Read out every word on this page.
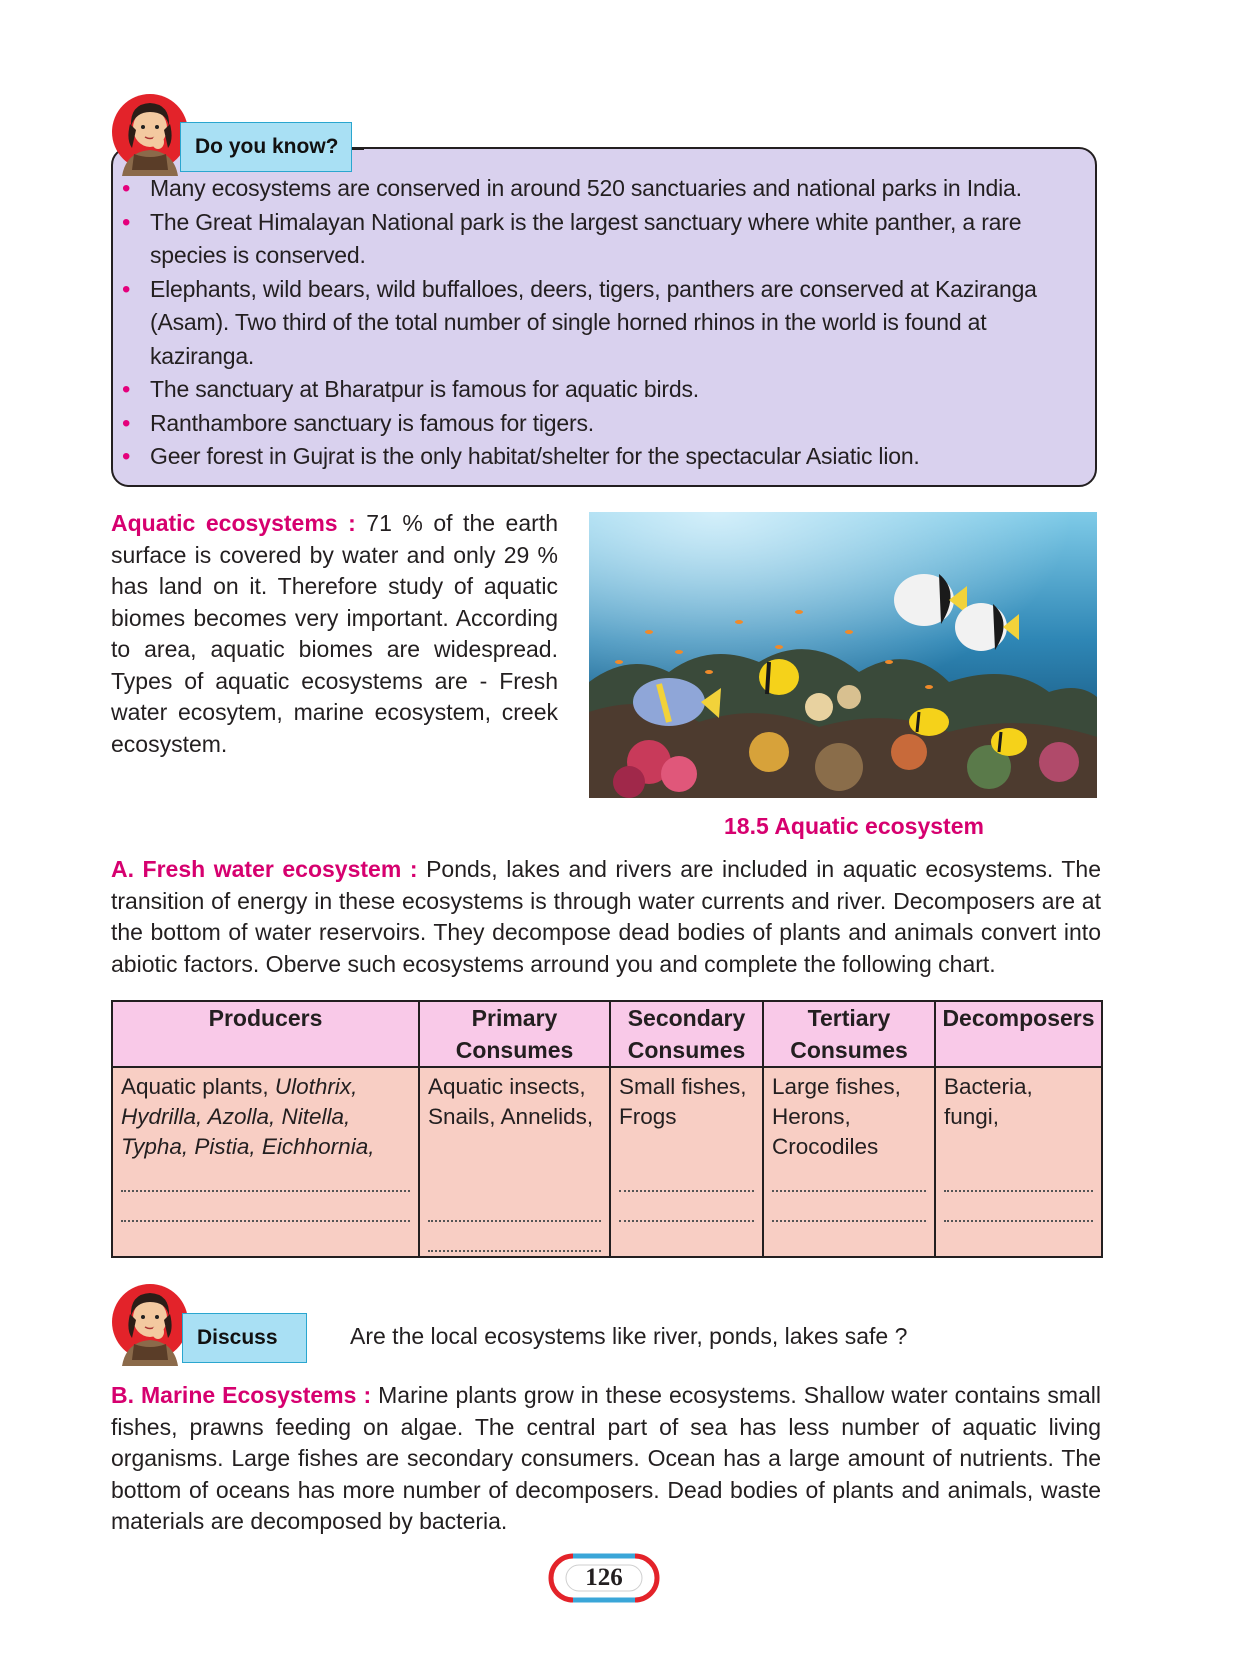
Do you know?
• Many ecosystems are conserved in around 520 sanctuaries and national parks in India.
• The Great Himalayan National park is the largest sanctuary where white panther, a rare species is conserved.
• Elephants, wild bears, wild buffalloes, deers, tigers, panthers are conserved at Kaziranga (Asam). Two third of the total number of single horned rhinos in the world is found at kaziranga.
• The sanctuary at Bharatpur is famous for aquatic birds.
• Ranthambore sanctuary is famous for tigers.
• Geer forest in Gujrat is the only habitat/shelter for the spectacular Asiatic lion.
Aquatic ecosystems : 71 % of the earth surface is covered by water and only 29 % has land on it. Therefore study of aquatic biomes becomes very important. According to area, aquatic biomes are widespread. Types of aquatic ecosystems are - Fresh water ecosytem, marine ecosystem, creek ecosystem.
18.5 Aquatic ecosystem
A. Fresh water ecosystem : Ponds, lakes and rivers are included in aquatic ecosystems. The transition of energy in these ecosystems is through water currents and river. Decomposers are at the bottom of water reservoirs. They decompose dead bodies of plants and animals convert into abiotic factors. Oberve such ecosystems arround you and complete the following chart.
Producers	Primary Consumes	Secondary Consumes	Tertiary Consumes	Decomposers
Aquatic plants, Ulothrix, Hydrilla, Azolla, Nitella, Typha, Pistia, Eichhornia,	Aquatic insects, Snails, Annelids,	Small fishes, Frogs	Large fishes, Herons, Crocodiles	Bacteria, fungi,
Discuss	Are the local ecosystems like river, ponds, lakes safe ?
B. Marine Ecosystems : Marine plants grow in these ecosystems. Shallow water contains small fishes, prawns feeding on algae. The central part of sea has less number of aquatic living organisms. Large fishes are secondary consumers. Ocean has a large amount of nutrients. The bottom of oceans has more number of decomposers. Dead bodies of plants and animals, waste materials are decomposed by bacteria.
126
